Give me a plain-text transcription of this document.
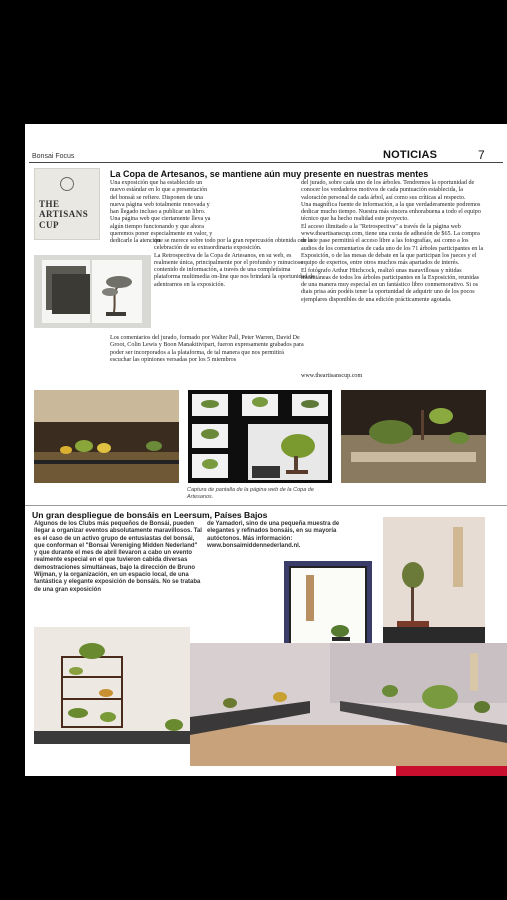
Bonsai Focus	NOTICIAS	7
THE
ARTISANS
CUP
La Copa de Artesanos, se mantiene aún muy presente en nuestras mentes

Una exposición que ha establecido un nuevo estándar en lo que a presentación del bonsái se refiere. Disponen de una nueva página web totalmente renovada y han llegado incluso a publicar un libro.

Una página web que ciertamente lleva ya algún tiempo funcionando y que ahora queremos poner especialmente en valor, y dedicarle la atención

que se merece sobre todo por la gran repercusión obtenida con la celebración de su extraordinaria exposición.

La Retrospectiva de la Copa de Artesanos, en su web, es realmente única, principalmente por el profundo y minucioso contenido de información, a través de una completísima plataforma multimedia on-line que nos brindará la oportunidad de adentrarnos en la exposición.

Los comentarios del jurado, formado por Walter Pall, Peter Warren, David De Groot, Colin Lewis y Boon Manakitivipart, fueron expresamente grabados para poder ser incorporados a la plataforma, de tal manera que nos permitirá escuchar las opiniones versadas por los 5 miembros

del jurado, sobre cada uno de los árboles. Tendremos la oportunidad de conocer los verdaderos motivos de cada puntuación establecida, la valoración personal de cada árbol, así como sus críticas al respecto.

Una magnífica fuente de información, a la que verdaderamente podremos dedicar mucho tiempo. Nuestra más sincera enhorabuena a todo el equipo técnico que ha hecho realidad este proyecto.

El acceso ilimitado a la "Retrospectiva" a través de la página web www.theartisanscup.com, tiene una cuota de adhesión de $65. La compra de este pase permitirá el acceso libre a las fotografías, así como a los audios de los comentarios de cada uno de los 71 árboles participantes en la Exposición, o de las mesas de debate en la que participan los jueces y el equipo de expertos, entre otros muchos más apartados de interés.

El fotógrafo Arthur Hitchcock, realizó unas maravillosas y nítidas instantáneas de todos los árboles participantes en la Exposición, reunidas de una manera muy especial en un fantástico libro conmemorativo. Si os diais prisa aún podéis tener la oportunidad de adquirir uno de los pocos ejemplares disponibles de una edición prácticamente agotada.

www.theartisanscup.com
Captura de pantalla de la página web de la Copa de Artesanos.
Un gran despliegue de bonsáis en Leersum, Países Bajos
Algunos de los Clubs más pequeños de Bonsái, pueden llegar a organizar eventos absolutamente maravillosos. Tal es el caso de un activo grupo de entusiastas del bonsái, que conforman el "Bonsai Vereniging Midden Nederland" y que durante el mes de abril llevaron a cabo un evento realmente especial en el que tuvieron cabida diversas demostraciones simultáneas, bajo la dirección de Bruno Wijman, y la organización, en un espacio local, de una fantástica y elegante exposición de bonsáis. No se trataba de una gran exposición
de Yamadori, sino de una pequeña muestra de elegantes y refinados bonsáis, en su mayoría autóctonos. Más información: www.bonsaimiddennederland.nl.
